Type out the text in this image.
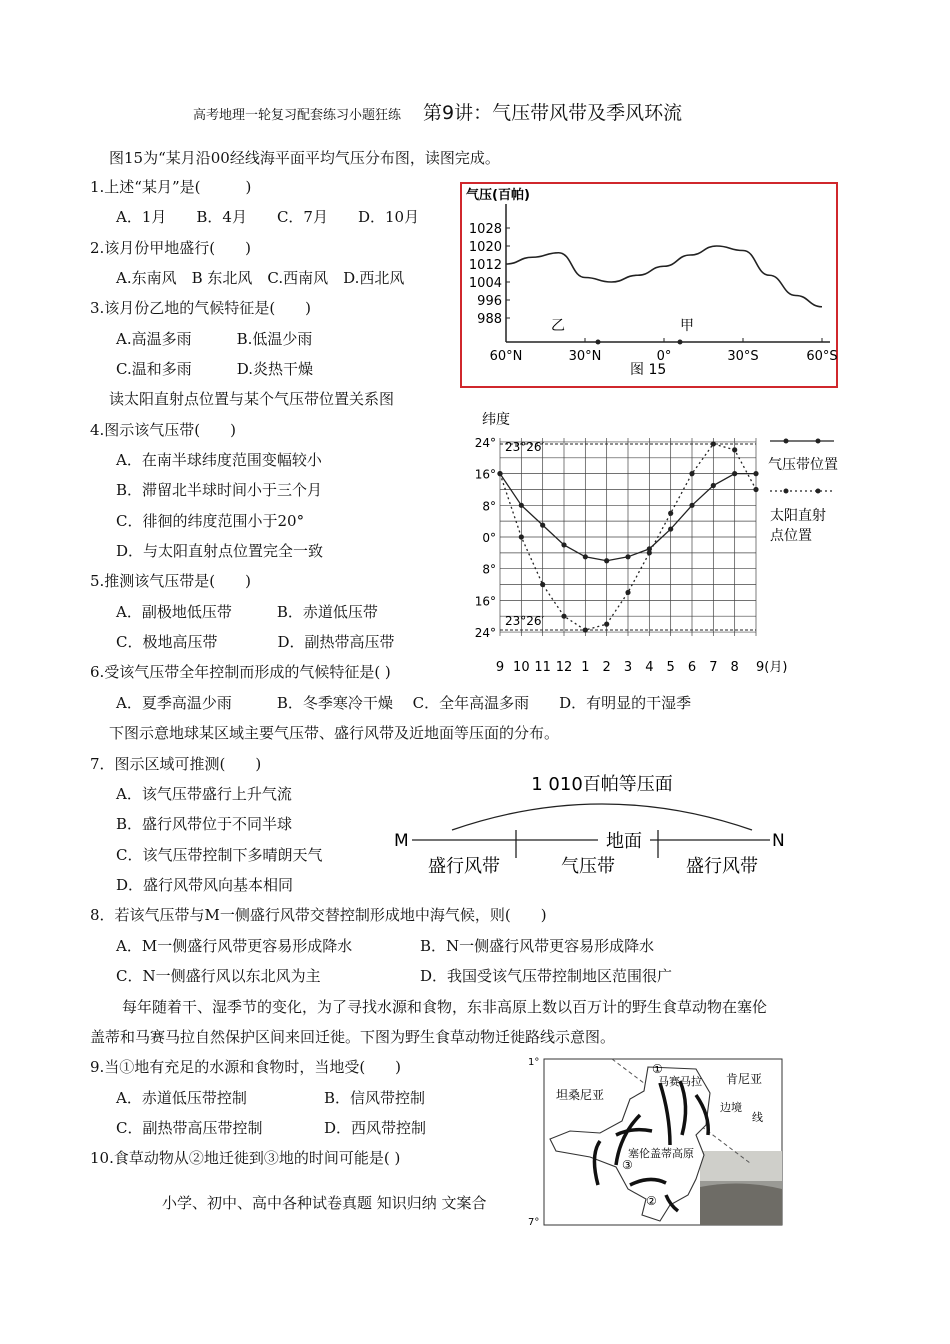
高考地理一轮复习配套练习小题狂练 第9讲：气压带风带及季风环流
图15为“某月沿00经线海平面平均气压分布图，读图完成。
1.上述“某月”是(　　　)
A．1月　　B．4月　　C．7月　　D．10月
2.该月份甲地盛行(　　)
A.东南风　B 东北风　C.西南风　D.西北风
3.该月份乙地的气候特征是(　　)
A.高温多雨　　　B.低温少雨
C.温和多雨　　　D.炎热干燥
读太阳直射点位置与某个气压带位置关系图
4.图示该气压带(　　)
A．在南半球纬度范围变幅较小
B．滞留北半球时间小于三个月
C．徘徊的纬度范围小于20°
D．与太阳直射点位置完全一致
5.推测该气压带是(　　)
A．副极地低压带　　　B．赤道低压带
C．极地高压带　　　　D．副热带高压带
6.受该气压带全年控制而形成的气候特征是( )
A．夏季高温少雨　　　B．冬季寒冷干燥　 C．全年高温多雨　　D．有明显的干湿季
下图示意地球某区域主要气压带、盛行风带及近地面等压面的分布。
7．图示区域可推测(　　)
A．该气压带盛行上升气流
B．盛行风带位于不同半球
C．该气压带控制下多晴朗天气
D．盛行风带风向基本相同
8．若该气压带与M一侧盛行风带交替控制形成地中海气候，则(　　)
A．M一侧盛行风带更容易形成降水	B．N一侧盛行风带更容易形成降水
C．N一侧盛行风以东北风为主	D．我国受该气压带控制地区范围很广
每年随着干、湿季节的变化，为了寻找水源和食物，东非高原上数以百万计的野生食草动物在塞伦
盖蒂和马赛马拉自然保护区间来回迁徙。下图为野生食草动物迁徙路线示意图。
9.当①地有充足的水源和食物时，当地受(　　)
A．赤道低压带控制	B．信风带控制
C．副热带高压带控制	D．西风带控制
10.食草动物从②地迁徙到③地的时间可能是( )
小学、初中、高中各种试卷真题 知识归纳 文案合
气压(百帕)
1028
1020
1012
1004
996
988
60°N	30°N	0°	30°S	60°S
乙	甲
图 15
纬度
24°
16°
8°
0°
8°
16°
24°
9 10 11 12 1 2 3 4 5 6 7 8 9(月)
23°26′
23°26′
气压带位置
太阳直射
点位置
1 010百帕等压面
M	N
地面
盛行风带	气压带	盛行风带
1°
7°
坦桑尼亚
肯尼亚
马赛马拉
边境
线
塞伦盖蒂高原
①
②
③
